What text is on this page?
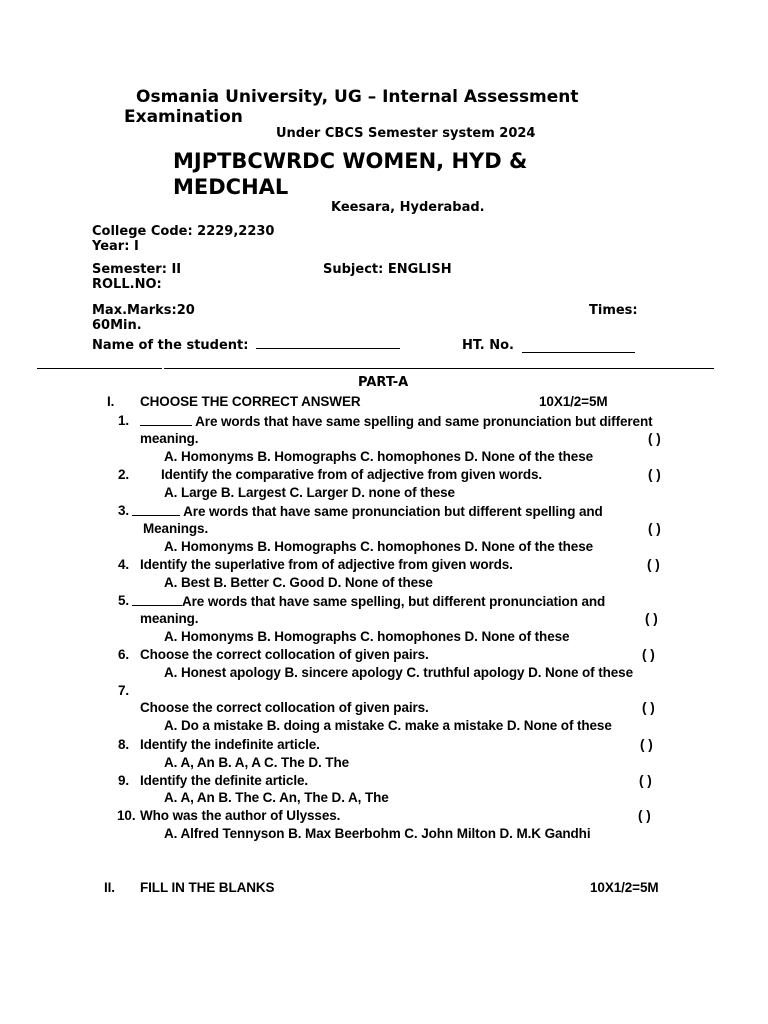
Osmania University, UG – Internal Assessment
Examination
Under CBCS Semester system 2024
MJPTBCWRDC WOMEN, HYD &
MEDCHAL
Keesara, Hyderabad.
College Code: 2229,2230
Year: I
Semester: II	Subject: ENGLISH
ROLL.NO:
Max.Marks:20	Times:
60Min.
Name of the student:	HT. No.
PART-A
I. CHOOSE THE CORRECT ANSWER	10X1/2=5M
1.	Are words that have same spelling and same pronunciation but different
meaning.	( )
A. Homonyms B. Homographs C. homophones D. None of the these
2. Identify the comparative from of adjective from given words.	( )
A. Large B. Largest C. Larger D. none of these
3.	Are words that have same pronunciation but different spelling and
Meanings.	( )
A. Homonyms B. Homographs C. homophones D. None of the these
4. Identify the superlative from of adjective from given words.	( )
A. Best B. Better C. Good D. None of these
5.	Are words that have same spelling, but different pronunciation and
meaning.	( )
A. Homonyms B. Homographs C. homophones D. None of these
6. Choose the correct collocation of given pairs.	( )
A. Honest apology B. sincere apology C. truthful apology D. None of these
7.
Choose the correct collocation of given pairs.	( )
A. Do a mistake B. doing a mistake C. make a mistake D. None of these
8. Identify the indefinite article.	( )
A. A, An B. A, A C. The D. The
9. Identify the definite article.	( )
A. A, An B. The C. An, The D. A, The
10. Who was the author of Ulysses.	( )
A. Alfred Tennyson B. Max Beerbohm C. John Milton D. M.K Gandhi
II. FILL IN THE BLANKS	10X1/2=5M
